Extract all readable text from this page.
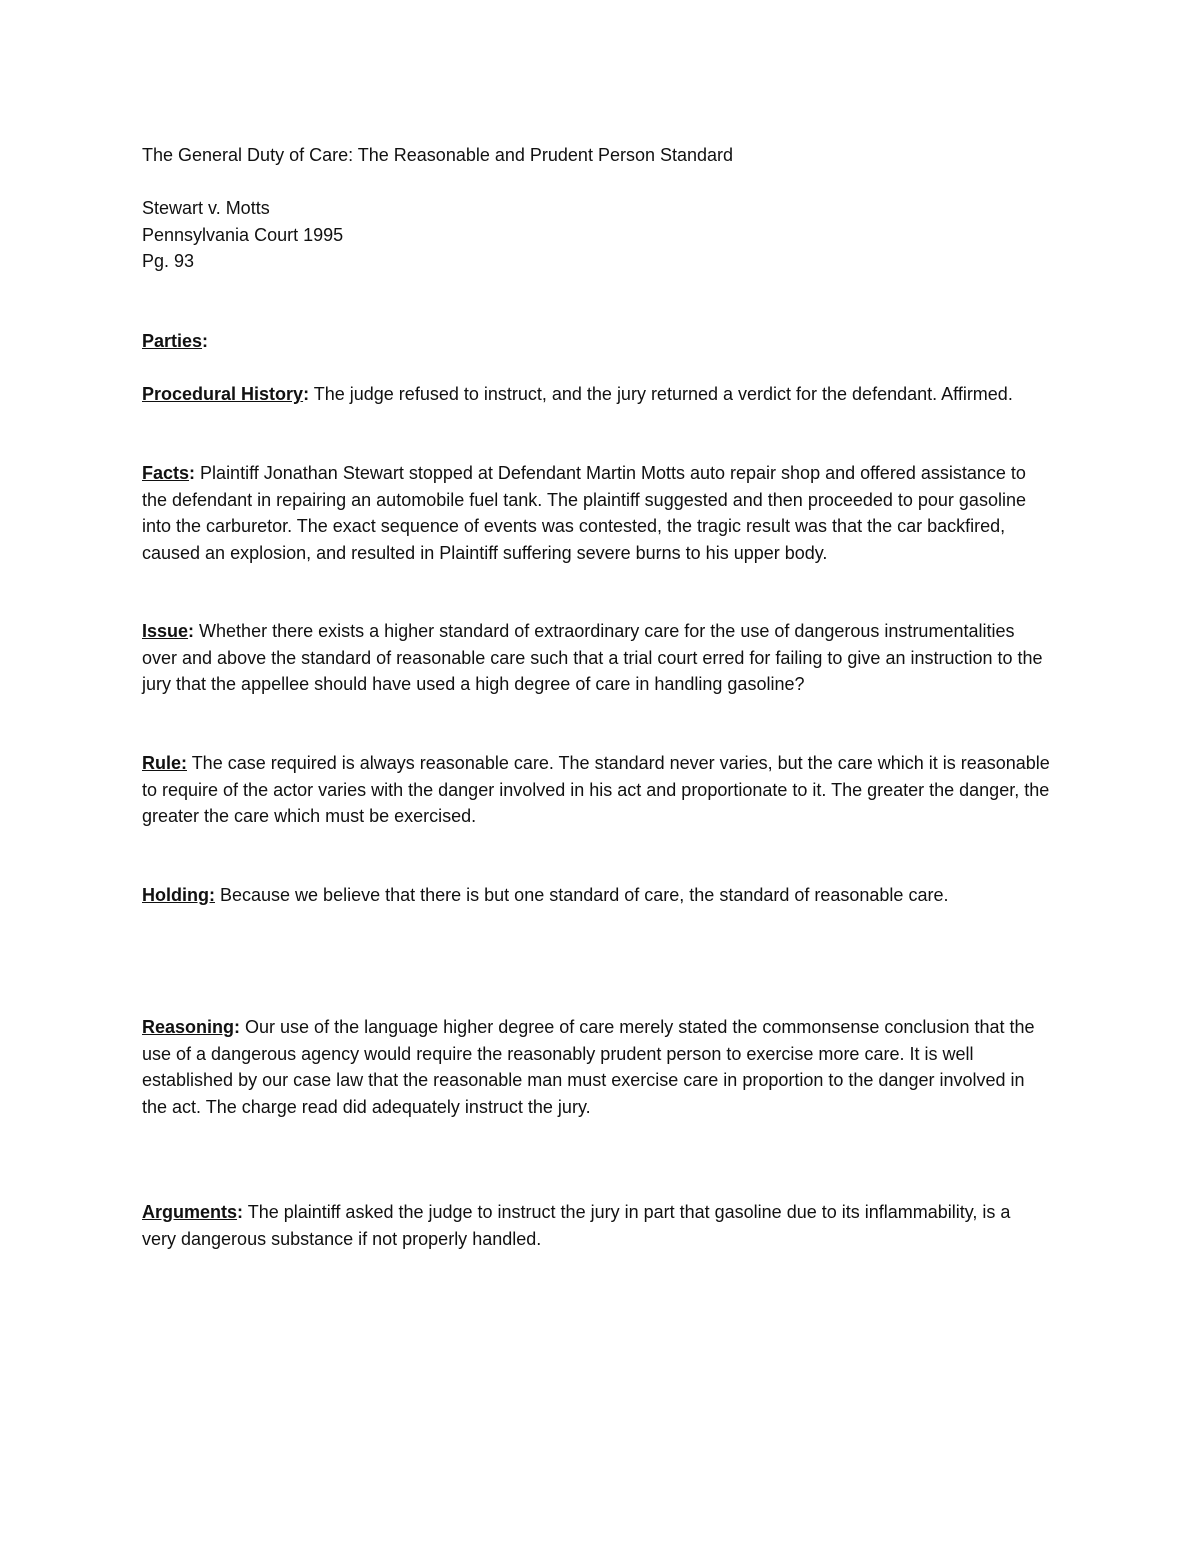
The General Duty of Care: The Reasonable and Prudent Person Standard

Stewart v. Motts

Pennsylvania Court 1995

Pg. 93

Parties:

Procedural History: The judge refused to instruct, and the jury returned a verdict for the defendant. Affirmed.

Facts: Plaintiff Jonathan Stewart stopped at Defendant Martin Motts auto repair shop and offered assistance to the defendant in repairing an automobile fuel tank. The plaintiff suggested and then proceeded to pour gasoline into the carburetor. The exact sequence of events was contested, the tragic result was that the car backfired, caused an explosion, and resulted in Plaintiff suffering severe burns to his upper body.

Issue: Whether there exists a higher standard of extraordinary care for the use of dangerous instrumentalities over and above the standard of reasonable care such that a trial court erred for failing to give an instruction to the jury that the appellee should have used a high degree of care in handling gasoline?

Rule: The case required is always reasonable care. The standard never varies, but the care which it is reasonable to require of the actor varies with the danger involved in his act and proportionate to it. The greater the danger, the greater the care which must be exercised.

Holding: Because we believe that there is but one standard of care, the standard of reasonable care.

Reasoning: Our use of the language higher degree of care merely stated the commonsense conclusion that the use of a dangerous agency would require the reasonably prudent person to exercise more care. It is well established by our case law that the reasonable man must exercise care in proportion to the danger involved in the act. The charge read did adequately instruct the jury.

Arguments: The plaintiff asked the judge to instruct the jury in part that gasoline due to its inflammability, is a very dangerous substance if not properly handled.
